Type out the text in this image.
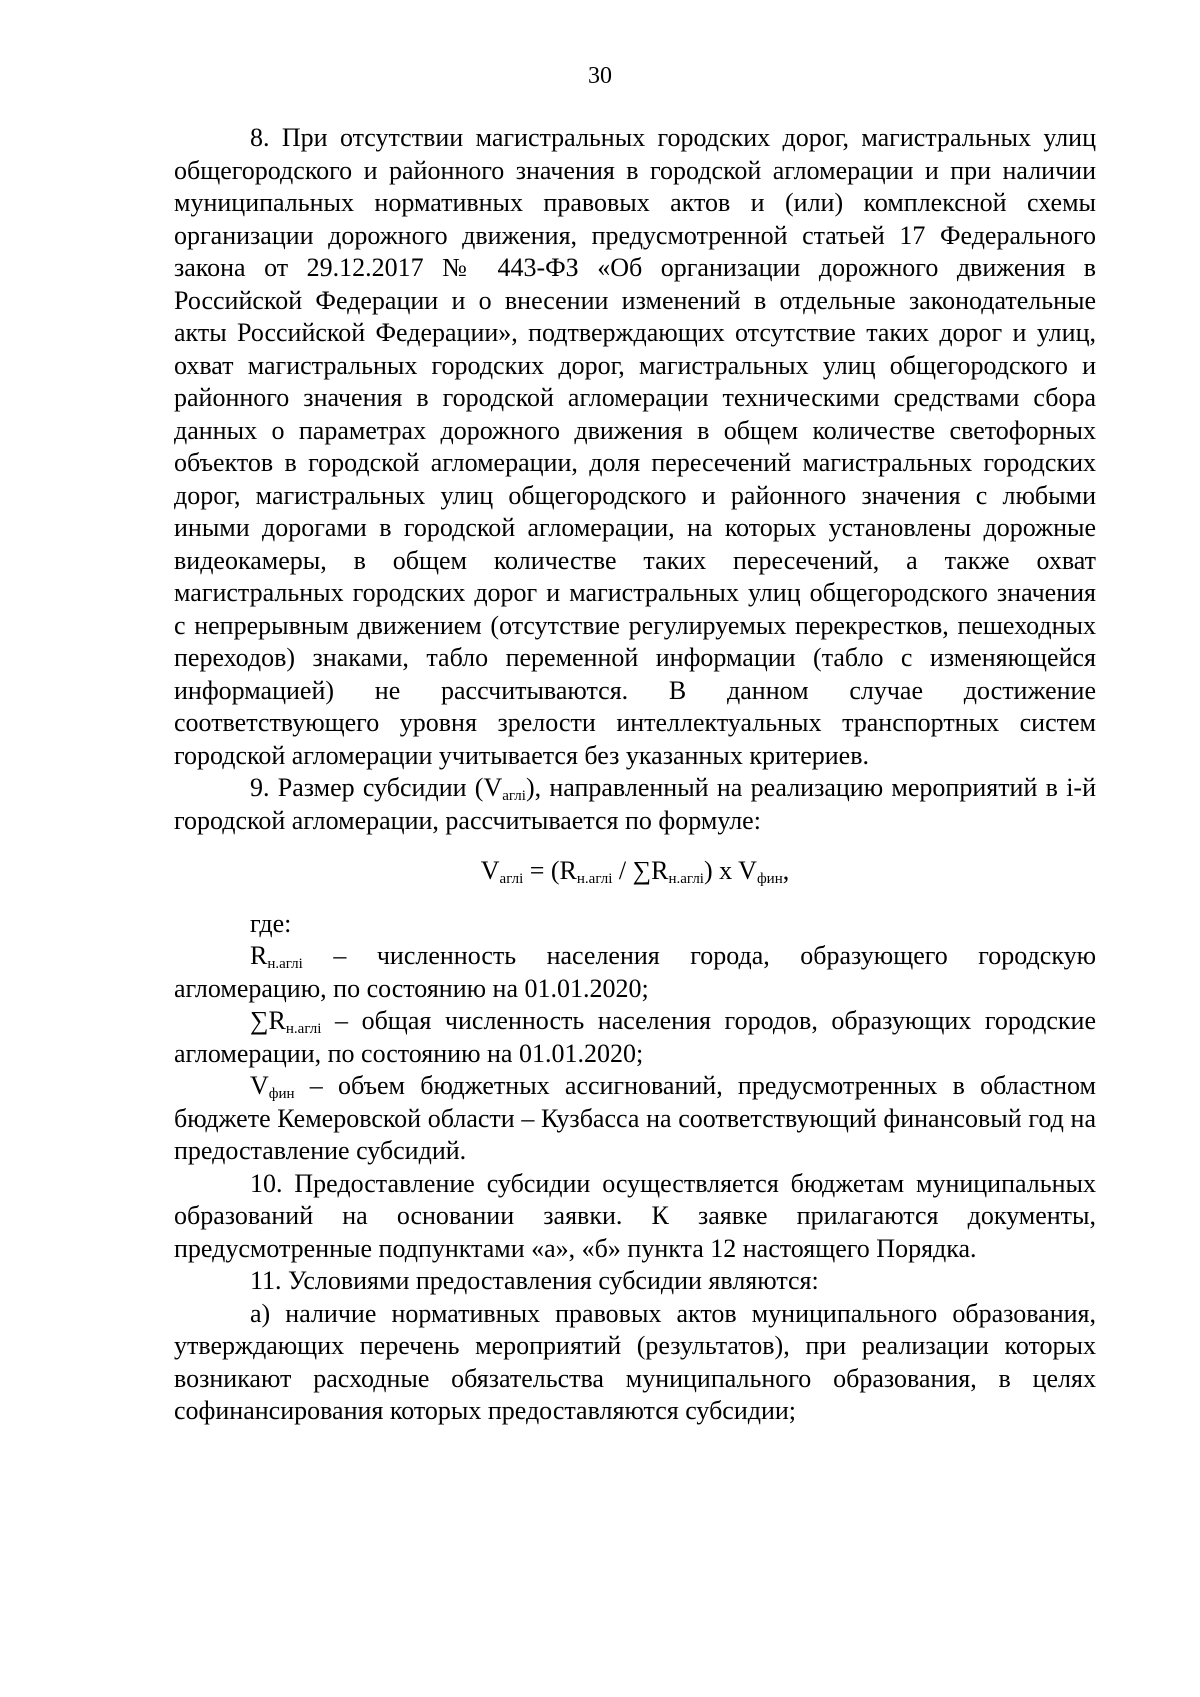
30

8. При отсутствии магистральных городских дорог, магистральных улиц общегородского и районного значения в городской агломерации и при наличии муниципальных нормативных правовых актов и (или) комплексной схемы организации дорожного движения, предусмотренной статьей 17 Федерального закона от 29.12.2017 № 443-ФЗ «Об организации дорожного движения в Российской Федерации и о внесении изменений в отдельные законодательные акты Российской Федерации», подтверждающих отсутствие таких дорог и улиц, охват магистральных городских дорог, магистральных улиц общегородского и районного значения в городской агломерации техническими средствами сбора данных о параметрах дорожного движения в общем количестве светофорных объектов в городской агломерации, доля пересечений магистральных городских дорог, магистральных улиц общегородского и районного значения с любыми иными дорогами в городской агломерации, на которых установлены дорожные видеокамеры, в общем количестве таких пересечений, а также охват магистральных городских дорог и магистральных улиц общегородского значения с непрерывным движением (отсутствие регулируемых перекрестков, пешеходных переходов) знаками, табло переменной информации (табло с изменяющейся информацией) не рассчитываются. В данном случае достижение соответствующего уровня зрелости интеллектуальных транспортных систем городской агломерации учитывается без указанных критериев.

9. Размер субсидии $(V_{аглi})$, направленный на реализацию мероприятий в i-й городской агломерации, рассчитывается по формуле:

$V_{аглi} = (R_{н.аглi} / \sum R_{н.аглi})$ x $V_{фин}$,

где:

$R_{н.аглi}$ – численность населения города, образующего городскую агломерацию, по состоянию на 01.01.2020;

$\sum R_{н.аглi}$ – общая численность населения городов, образующих городские агломерации, по состоянию на 01.01.2020;

$V_{фин}$ – объем бюджетных ассигнований, предусмотренных в областном бюджете Кемеровской области – Кузбасса на соответствующий финансовый год на предоставление субсидий.

10. Предоставление субсидии осуществляется бюджетам муниципальных образований на основании заявки. К заявке прилагаются документы, предусмотренные подпунктами «а», «б» пункта 12 настоящего Порядка.

11. Условиями предоставления субсидии являются:

а) наличие нормативных правовых актов муниципального образования, утверждающих перечень мероприятий (результатов), при реализации которых возникают расходные обязательства муниципального образования, в целях софинансирования которых предоставляются субсидии;
